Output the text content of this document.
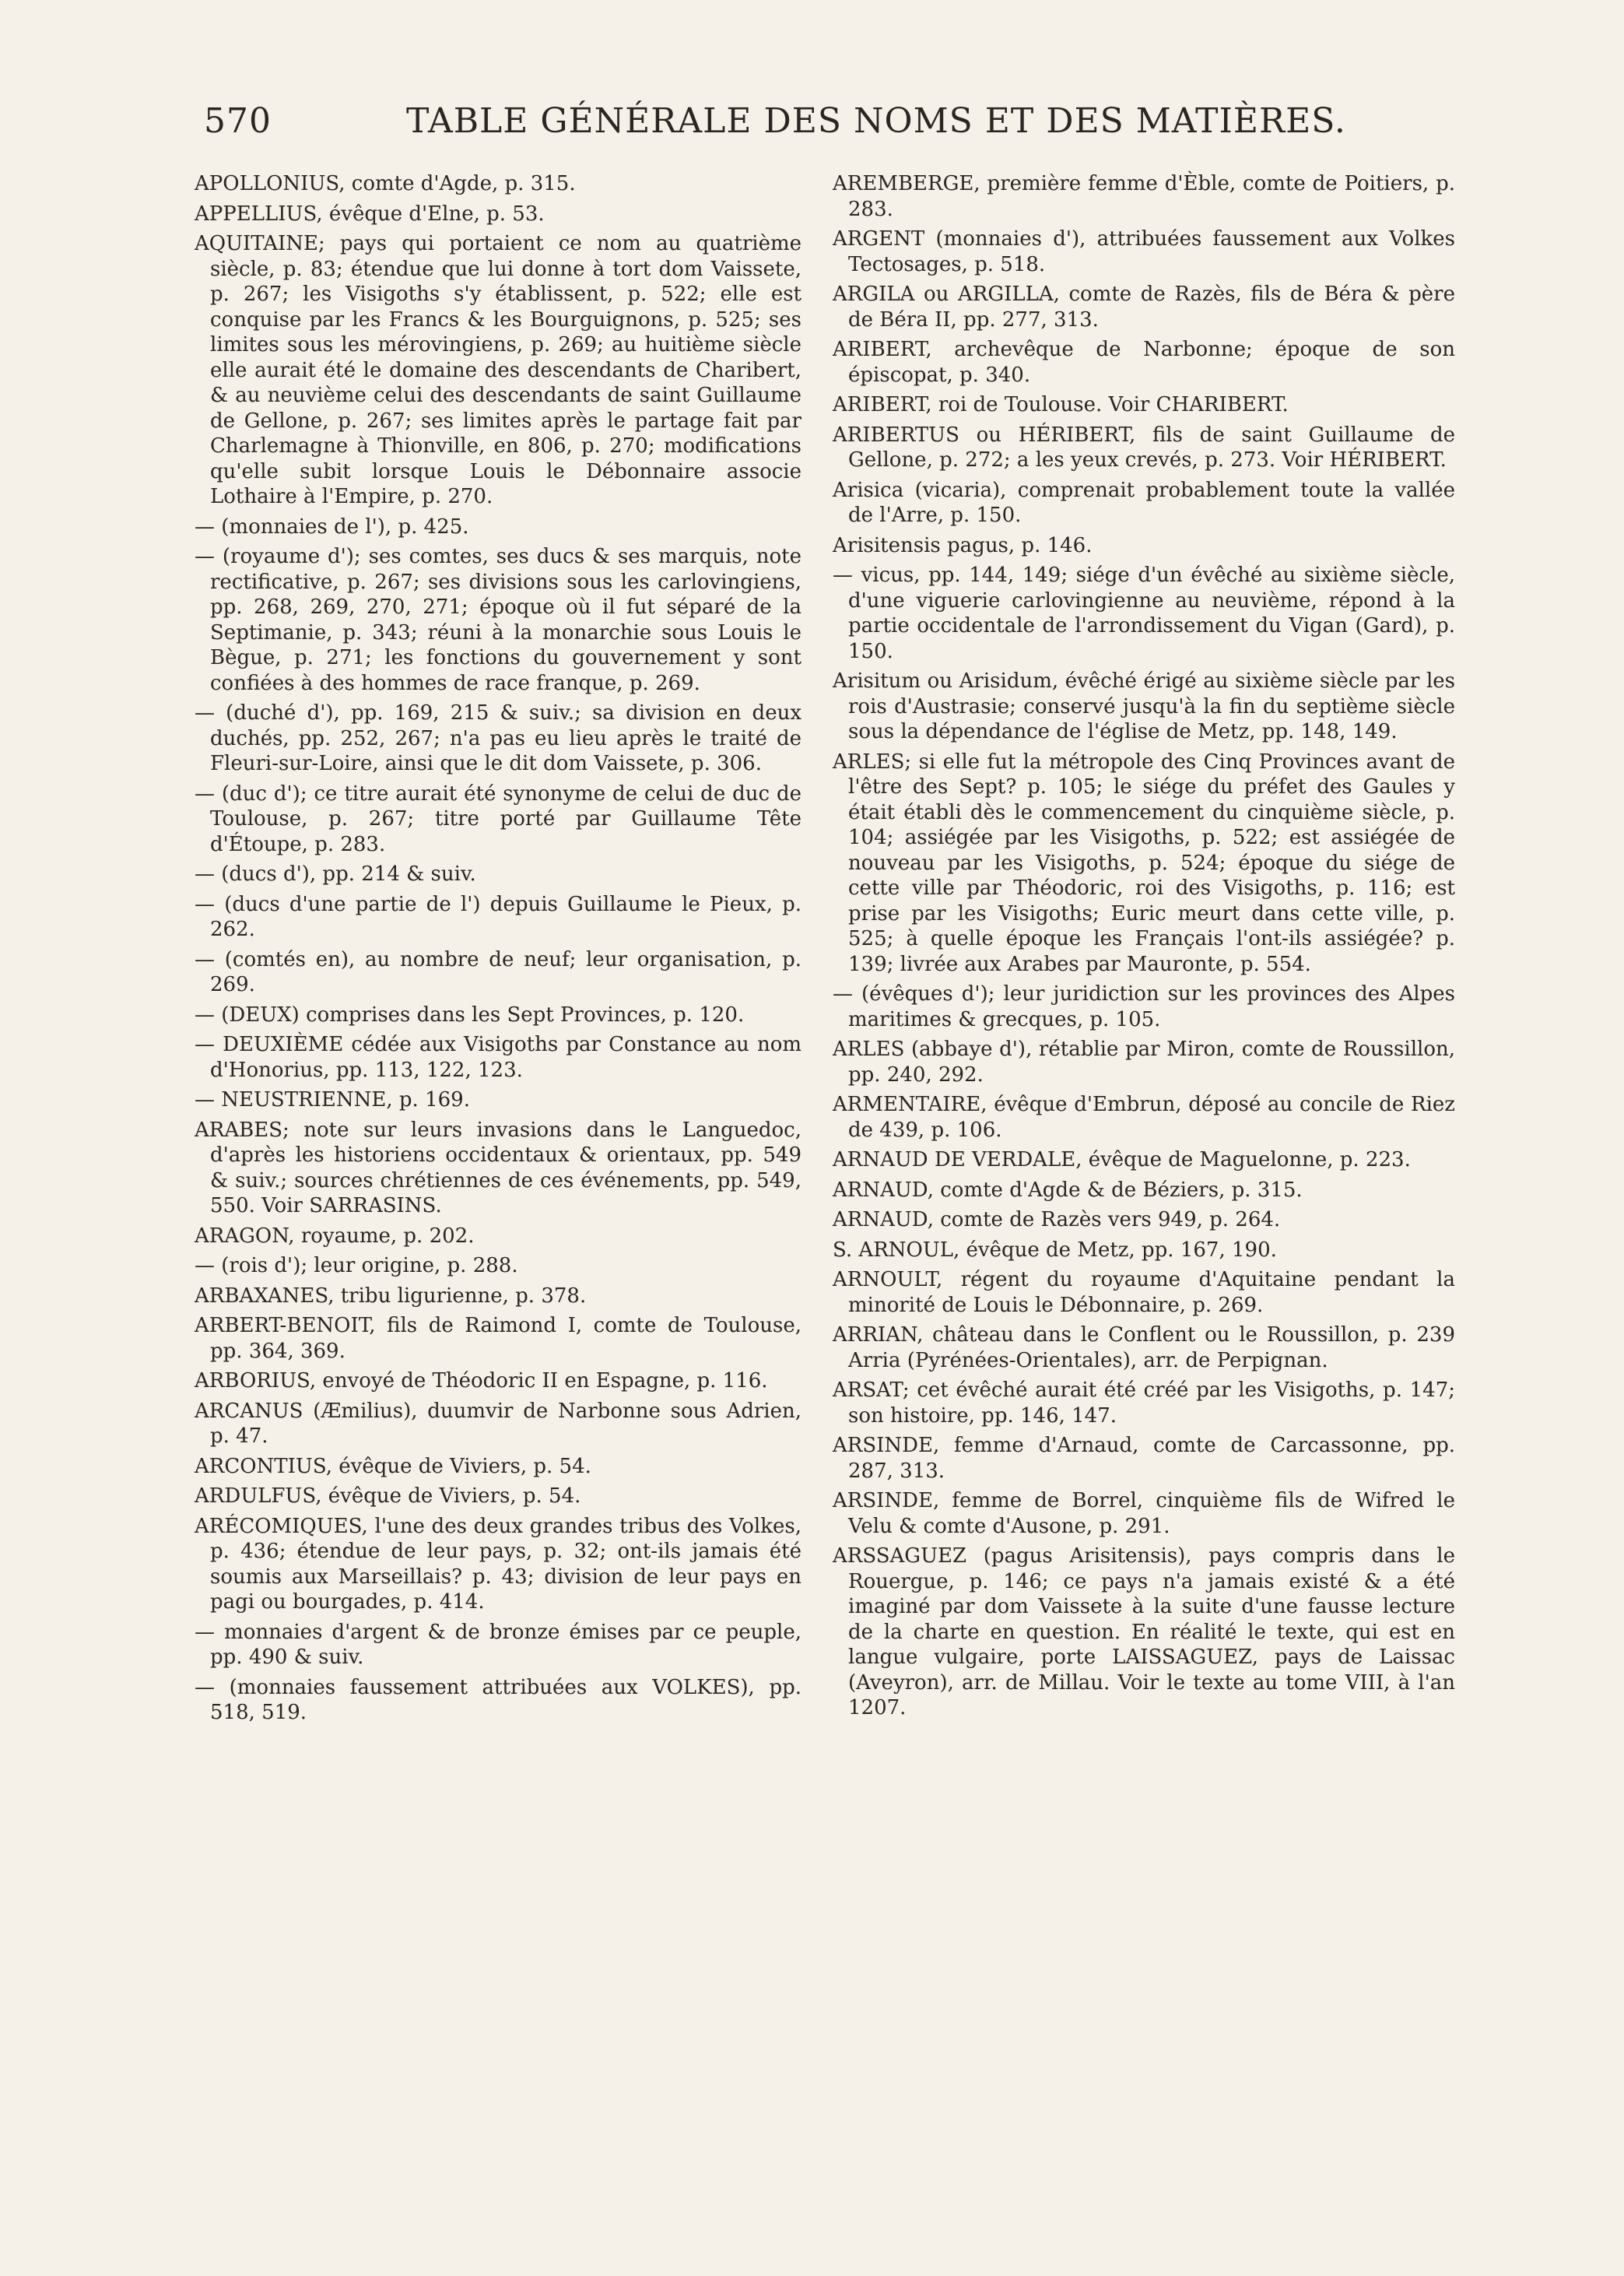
570	TABLE GÉNÉRALE DES NOMS ET DES MATIÈRES.

APOLLONIUS, comte d'Agde, p. 315.

APPELLIUS, évêque d'Elne, p. 53.

AQUITAINE; pays qui portaient ce nom au quatrième siècle, p. 83; étendue que lui donne à tort dom Vaissete, p. 267; les Visigoths s'y établissent, p. 522; elle est conquise par les Francs & les Bourguignons, p. 525; ses limites sous les mérovingiens, p. 269; au huitième siècle elle aurait été le domaine des descendants de Charibert, & au neuvième celui des descendants de saint Guillaume de Gellone, p. 267; ses limites après le partage fait par Charlemagne à Thionville, en 806, p. 270; modifications qu'elle subit lorsque Louis le Débonnaire associe Lothaire à l'Empire, p. 270.

— (monnaies de l'), p. 425.

— (royaume d'); ses comtes, ses ducs & ses marquis, note rectificative, p. 267; ses divisions sous les carlovingiens, pp. 268, 269, 270, 271; époque où il fut séparé de la Septimanie, p. 343; réuni à la monarchie sous Louis le Bègue, p. 271; les fonctions du gouvernement y sont confiées à des hommes de race franque, p. 269.

— (duché d'), pp. 169, 215 & suiv.; sa division en deux duchés, pp. 252, 267; n'a pas eu lieu après le traité de Fleuri-sur-Loire, ainsi que le dit dom Vaissete, p. 306.

— (duc d'); ce titre aurait été synonyme de celui de duc de Toulouse, p. 267; titre porté par Guillaume Tête d'Étoupe, p. 283.

— (ducs d'), pp. 214 & suiv.

— (ducs d'une partie de l') depuis Guillaume le Pieux, p. 262.

— (comtés en), au nombre de neuf; leur organisation, p. 269.

— (DEUX) comprises dans les Sept Provinces, p. 120.

— DEUXIÈME cédée aux Visigoths par Constance au nom d'Honorius, pp. 113, 122, 123.

— NEUSTRIENNE, p. 169.

ARABES; note sur leurs invasions dans le Languedoc, d'après les historiens occidentaux & orientaux, pp. 549 & suiv.; sources chrétiennes de ces événements, pp. 549, 550. Voir SARRASINS.

ARAGON, royaume, p. 202.

— (rois d'); leur origine, p. 288.

ARBAXANES, tribu ligurienne, p. 378.

ARBERT-BENOIT, fils de Raimond I, comte de Toulouse, pp. 364, 369.

ARBORIUS, envoyé de Théodoric II en Espagne, p. 116.

ARCANUS (Æmilius), duumvir de Narbonne sous Adrien, p. 47.

ARCONTIUS, évêque de Viviers, p. 54.

ARDULFUS, évêque de Viviers, p. 54.

ARÉCOMIQUES, l'une des deux grandes tribus des Volkes, p. 436; étendue de leur pays, p. 32; ont-ils jamais été soumis aux Marseillais? p. 43; division de leur pays en pagi ou bourgades, p. 414.

— monnaies d'argent & de bronze émises par ce peuple, pp. 490 & suiv.

— (monnaies faussement attribuées aux VOLKES), pp. 518, 519.

AREMBERGE, première femme d'Èble, comte de Poitiers, p. 283.

ARGENT (monnaies d'), attribuées faussement aux Volkes Tectosages, p. 518.

ARGILA ou ARGILLA, comte de Razès, fils de Béra & père de Béra II, pp. 277, 313.

ARIBERT, archevêque de Narbonne; époque de son épiscopat, p. 340.

ARIBERT, roi de Toulouse. Voir CHARIBERT.

ARIBERTUS ou HÉRIBERT, fils de saint Guillaume de Gellone, p. 272; a les yeux crevés, p. 273. Voir HÉRIBERT.

Arisica (vicaria), comprenait probablement toute la vallée de l'Arre, p. 150.

Arisitensis pagus, p. 146.

— vicus, pp. 144, 149; siége d'un évêché au sixième siècle, d'une viguerie carlovingienne au neuvième, répond à la partie occidentale de l'arrondissement du Vigan (Gard), p. 150.

Arisitum ou Arisidum, évêché érigé au sixième siècle par les rois d'Austrasie; conservé jusqu'à la fin du septième siècle sous la dépendance de l'église de Metz, pp. 148, 149.

ARLES; si elle fut la métropole des Cinq Provinces avant de l'être des Sept? p. 105; le siége du préfet des Gaules y était établi dès le commencement du cinquième siècle, p. 104; assiégée par les Visigoths, p. 522; est assiégée de nouveau par les Visigoths, p. 524; époque du siége de cette ville par Théodoric, roi des Visigoths, p. 116; est prise par les Visigoths; Euric meurt dans cette ville, p. 525; à quelle époque les Français l'ont-ils assiégée? p. 139; livrée aux Arabes par Mauronte, p. 554.

— (évêques d'); leur juridiction sur les provinces des Alpes maritimes & grecques, p. 105.

ARLES (abbaye d'), rétablie par Miron, comte de Roussillon, pp. 240, 292.

ARMENTAIRE, évêque d'Embrun, déposé au concile de Riez de 439, p. 106.

ARNAUD DE VERDALE, évêque de Maguelonne, p. 223.

ARNAUD, comte d'Agde & de Béziers, p. 315.

ARNAUD, comte de Razès vers 949, p. 264.

S. ARNOUL, évêque de Metz, pp. 167, 190.

ARNOULT, régent du royaume d'Aquitaine pendant la minorité de Louis le Débonnaire, p. 269.

ARRIAN, château dans le Conflent ou le Roussillon, p. 239 Arria (Pyrénées-Orientales), arr. de Perpignan.

ARSAT; cet évêché aurait été créé par les Visigoths, p. 147; son histoire, pp. 146, 147.

ARSINDE, femme d'Arnaud, comte de Carcassonne, pp. 287, 313.

ARSINDE, femme de Borrel, cinquième fils de Wifred le Velu & comte d'Ausone, p. 291.

ARSSAGUEZ (pagus Arisitensis), pays compris dans le Rouergue, p. 146; ce pays n'a jamais existé & a été imaginé par dom Vaissete à la suite d'une fausse lecture de la charte en question. En réalité le texte, qui est en langue vulgaire, porte LAISSAGUEZ, pays de Laissac (Aveyron), arr. de Millau. Voir le texte au tome VIII, à l'an 1207.
